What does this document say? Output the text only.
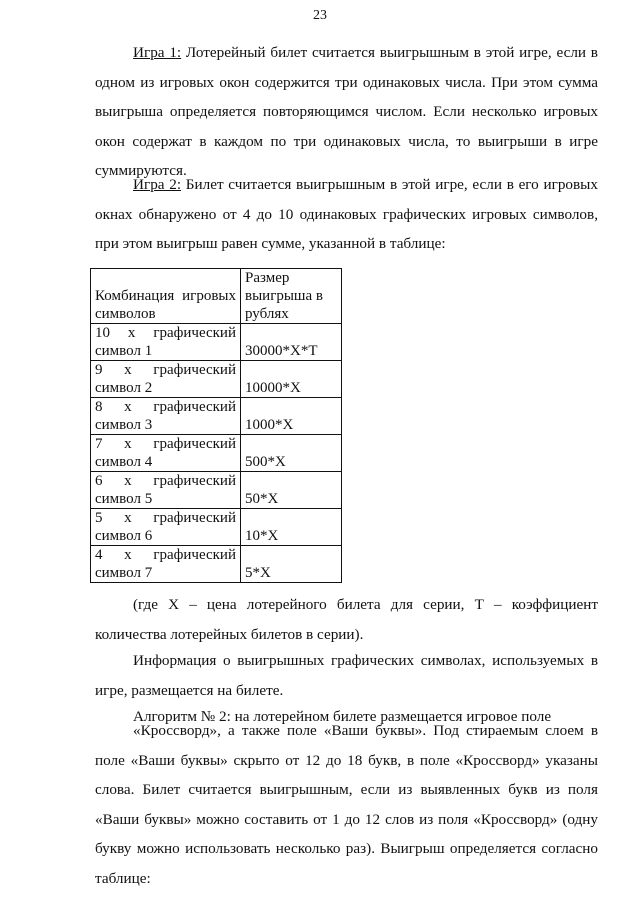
23

Игра 1: Лотерейный билет считается выигрышным в этой игре, если в одном из игровых окон содержится три одинаковых числа. При этом сумма выигрыша определяется повторяющимся числом. Если несколько игровых окон содержат в каждом по три одинаковых числа, то выигрыши в игре суммируются.

Игра 2: Билет считается выигрышным в этой игре, если в его игровых окнах обнаружено от 4 до 10 одинаковых графических игровых символов, при этом выигрыш равен сумме, указанной в таблице:

Комбинация игровых символов	Размер выигрыша в рублях

10 х графический
символ 1	30000*Х*Т

9 х графический
символ 2	10000*Х

8 х графический
символ 3	1000*Х

7 х графический
символ 4	500*Х

6 х графический
символ 5	50*Х

5 х графический
символ 6	10*Х

4 х графический
символ 7	5*Х

(где Х – цена лотерейного билета для серии, Т – коэффициент количества лотерейных билетов в серии).

Информация о выигрышных графических символах, используемых в игре, размещается на билете.

Алгоритм № 2: на лотерейном билете размещается игровое поле

«Кроссворд», а также поле «Ваши буквы». Под стираемым слоем в поле «Ваши буквы» скрыто от 12 до 18 букв, в поле «Кроссворд» указаны слова. Билет считается выигрышным, если из выявленных букв из поля «Ваши буквы» можно составить от 1 до 12 слов из поля «Кроссворд» (одну букву можно использовать несколько раз). Выигрыш определяется согласно таблице:
